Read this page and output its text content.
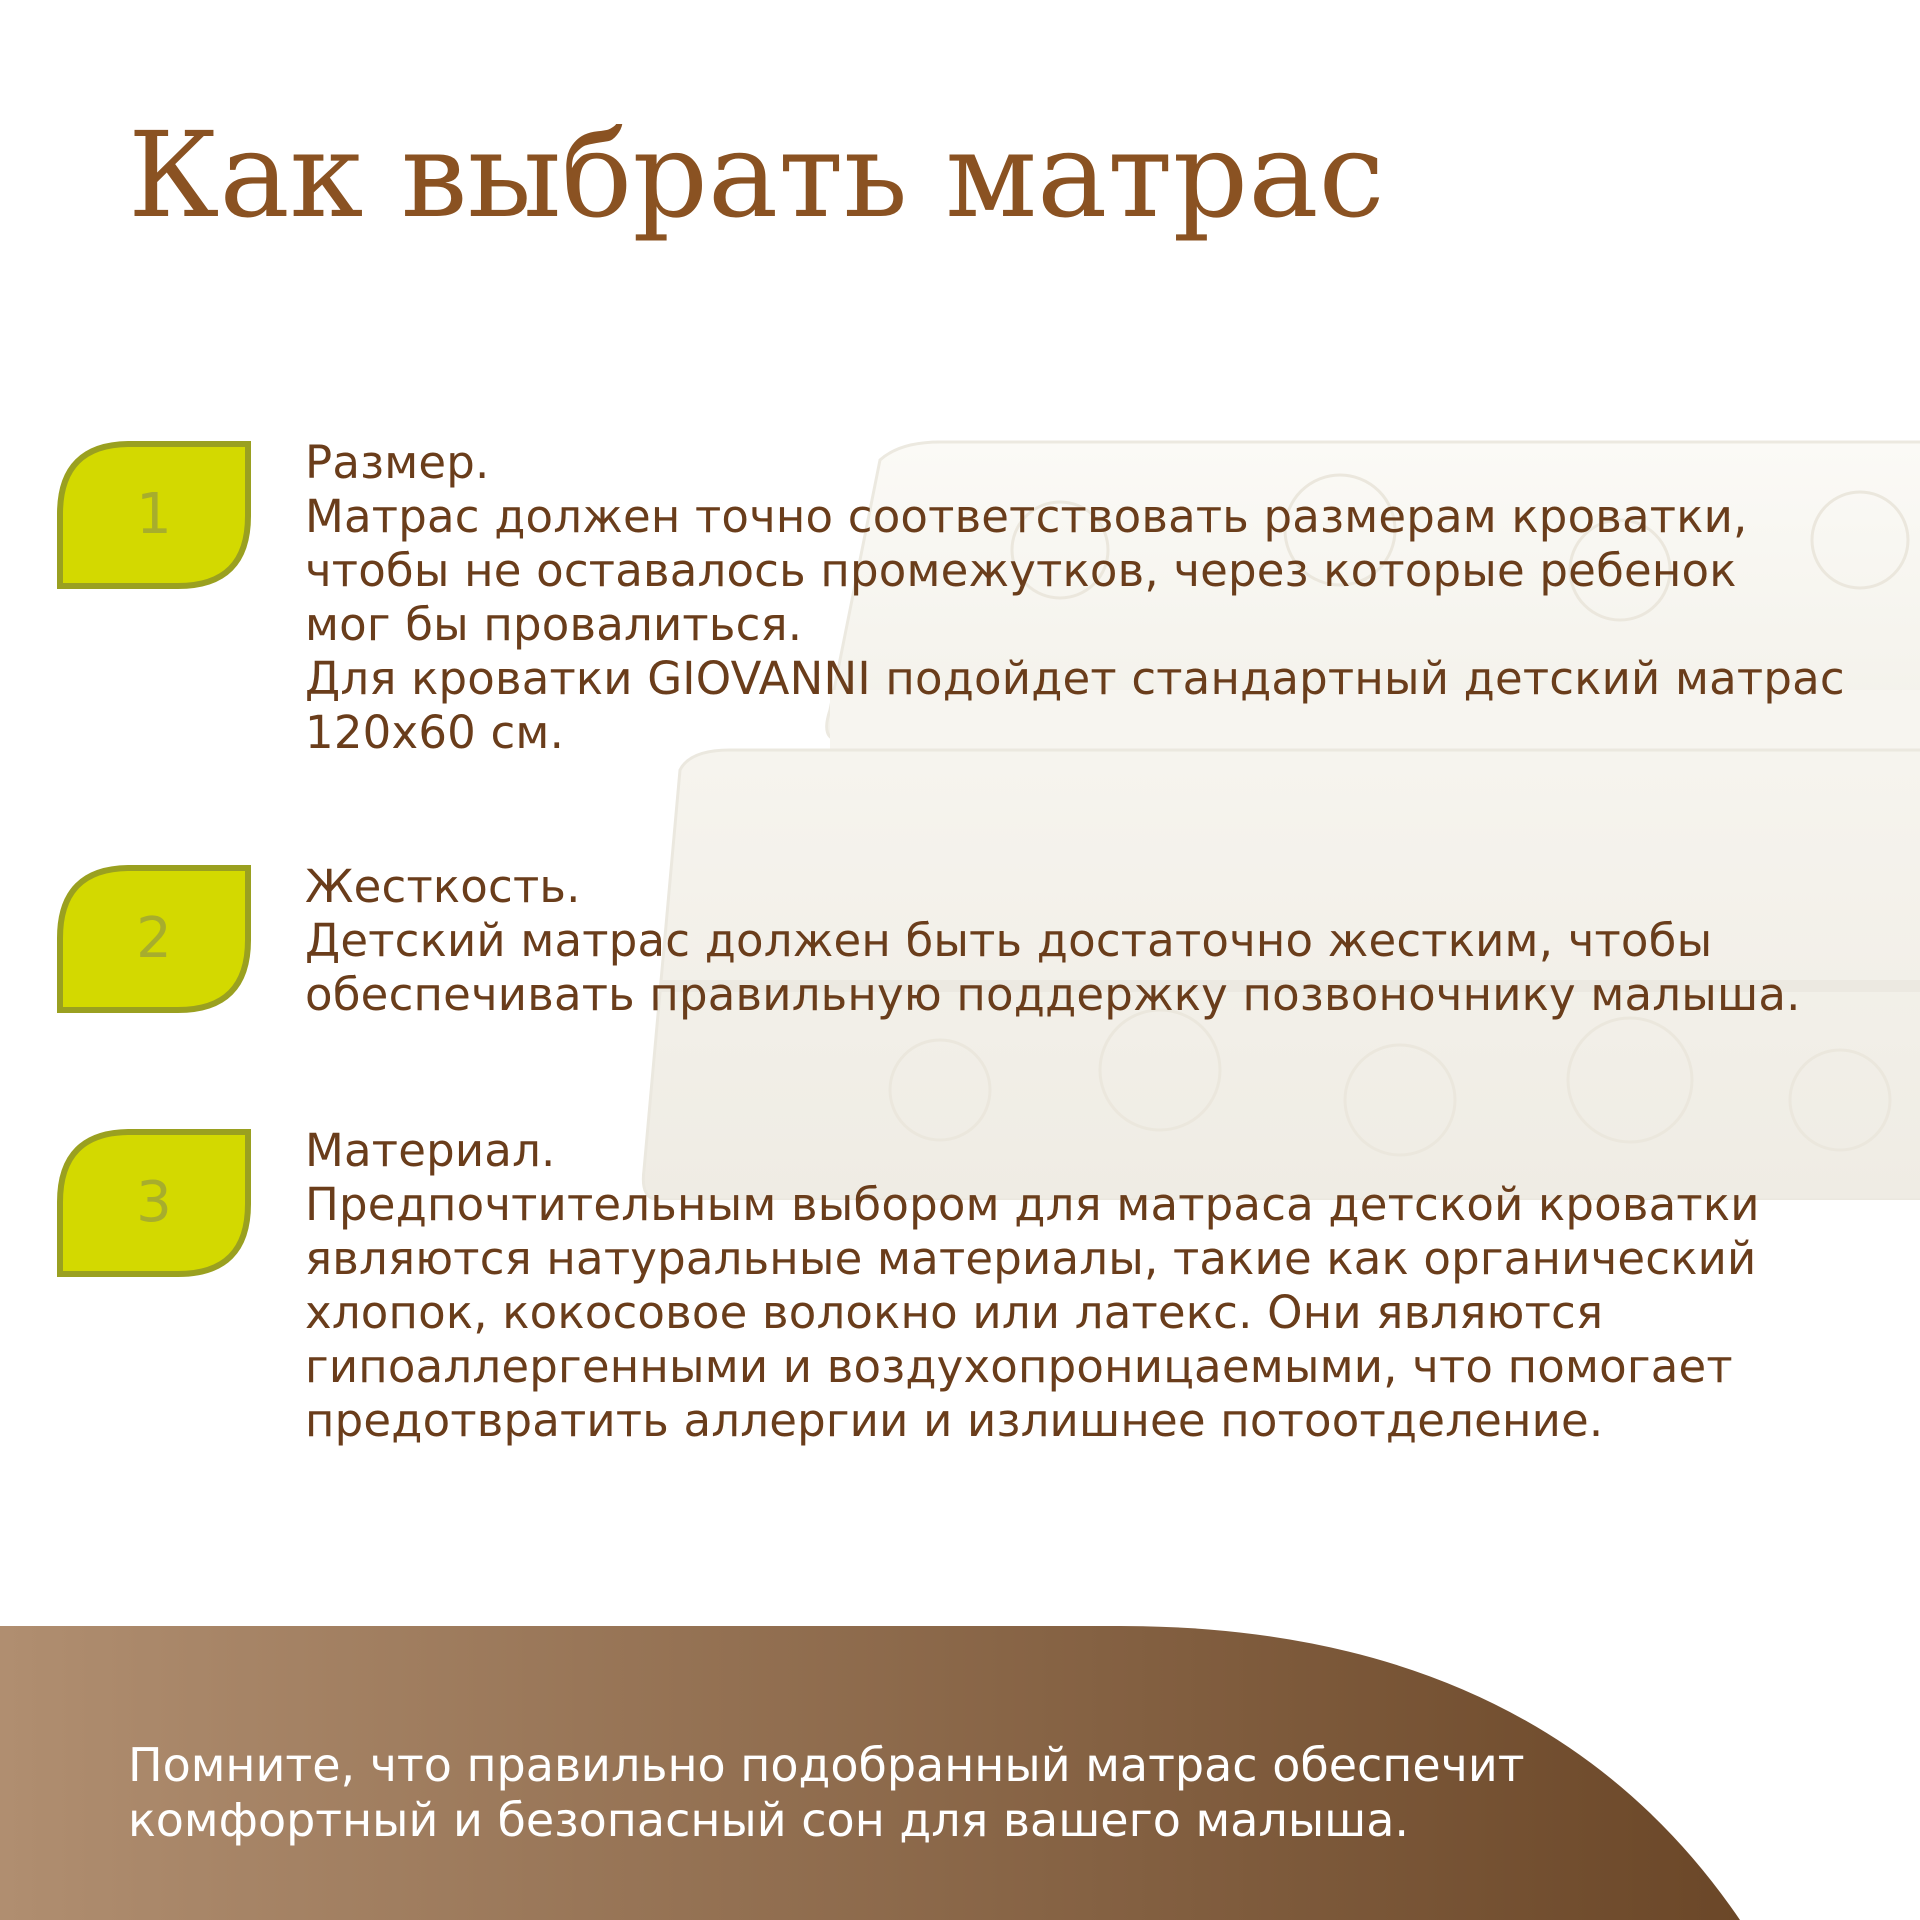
Как выбрать матрас
1
Размер.
Матрас должен точно соответствовать размерам кроватки,
чтобы не оставалось промежутков, через которые ребенок
мог бы провалиться.
Для кроватки GIOVANNI подойдет стандартный детский матрас
120х60 см.
2
Жесткость.
Детский матрас должен быть достаточно жестким, чтобы
обеспечивать правильную поддержку позвоночнику малыша.
3
Материал.
Предпочтительным выбором для матраса детской кроватки
являются натуральные материалы, такие как органический
хлопок, кокосовое волокно или латекс. Они являются
гипоаллергенными и воздухопроницаемыми, что помогает
предотвратить аллергии и излишнее потоотделение.
Помните, что правильно подобранный матрас обеспечит
комфортный и безопасный сон для вашего малыша.
